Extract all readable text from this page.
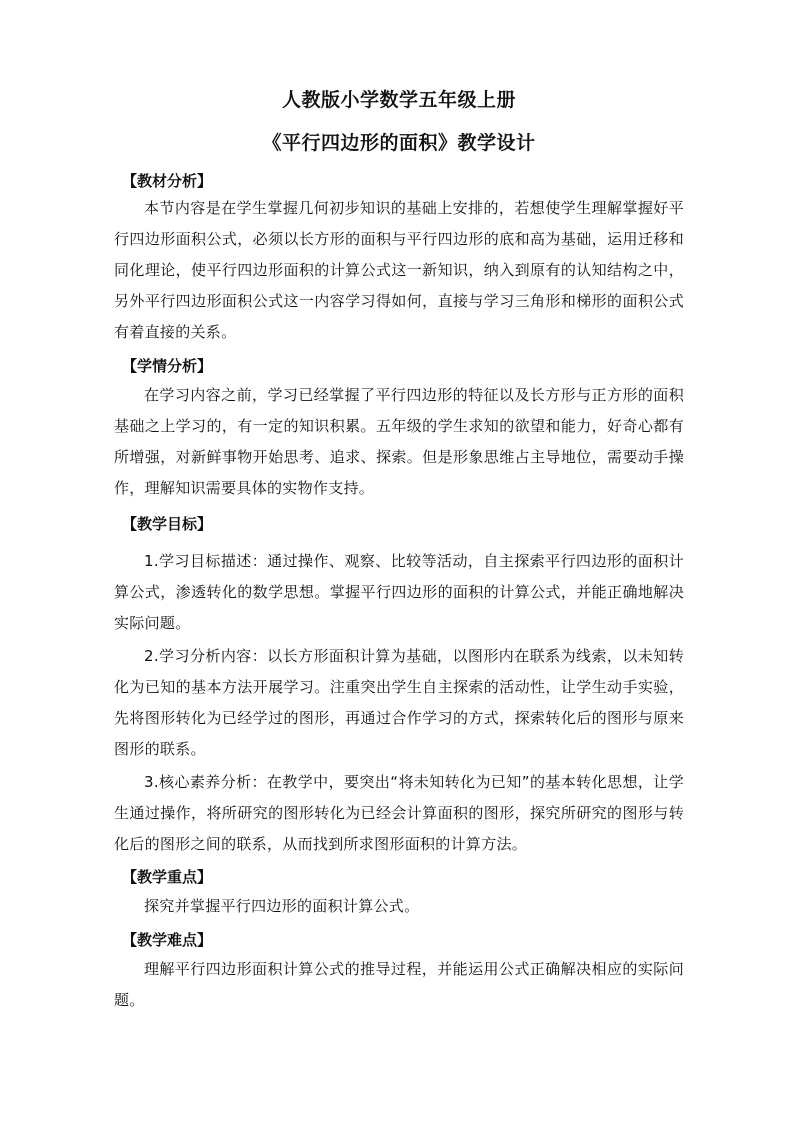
人教版小学数学五年级上册
《平行四边形的面积》教学设计

【教材分析】

本节内容是在学生掌握几何初步知识的基础上安排的，若想使学生理解掌握好平行四边形面积公式，必须以长方形的面积与平行四边形的底和高为基础，运用迁移和同化理论，使平行四边形面积的计算公式这一新知识，纳入到原有的认知结构之中，另外平行四边形面积公式这一内容学习得如何，直接与学习三角形和梯形的面积公式有着直接的关系。

【学情分析】

在学习内容之前，学习已经掌握了平行四边形的特征以及长方形与正方形的面积基础之上学习的，有一定的知识积累。五年级的学生求知的欲望和能力，好奇心都有所增强，对新鲜事物开始思考、追求、探索。但是形象思维占主导地位，需要动手操作，理解知识需要具体的实物作支持。

【教学目标】

1.学习目标描述：通过操作、观察、比较等活动，自主探索平行四边形的面积计算公式，渗透转化的数学思想。掌握平行四边形的面积的计算公式，并能正确地解决实际问题。

2.学习分析内容：以长方形面积计算为基础，以图形内在联系为线索，以未知转化为已知的基本方法开展学习。注重突出学生自主探索的活动性，让学生动手实验，先将图形转化为已经学过的图形，再通过合作学习的方式，探索转化后的图形与原来图形的联系。

3.核心素养分析：在教学中，要突出“将未知转化为已知”的基本转化思想，让学生通过操作，将所研究的图形转化为已经会计算面积的图形，探究所研究的图形与转化后的图形之间的联系，从而找到所求图形面积的计算方法。

【教学重点】

探究并掌握平行四边形的面积计算公式。

【教学难点】

理解平行四边形面积计算公式的推导过程，并能运用公式正确解决相应的实际问题。
